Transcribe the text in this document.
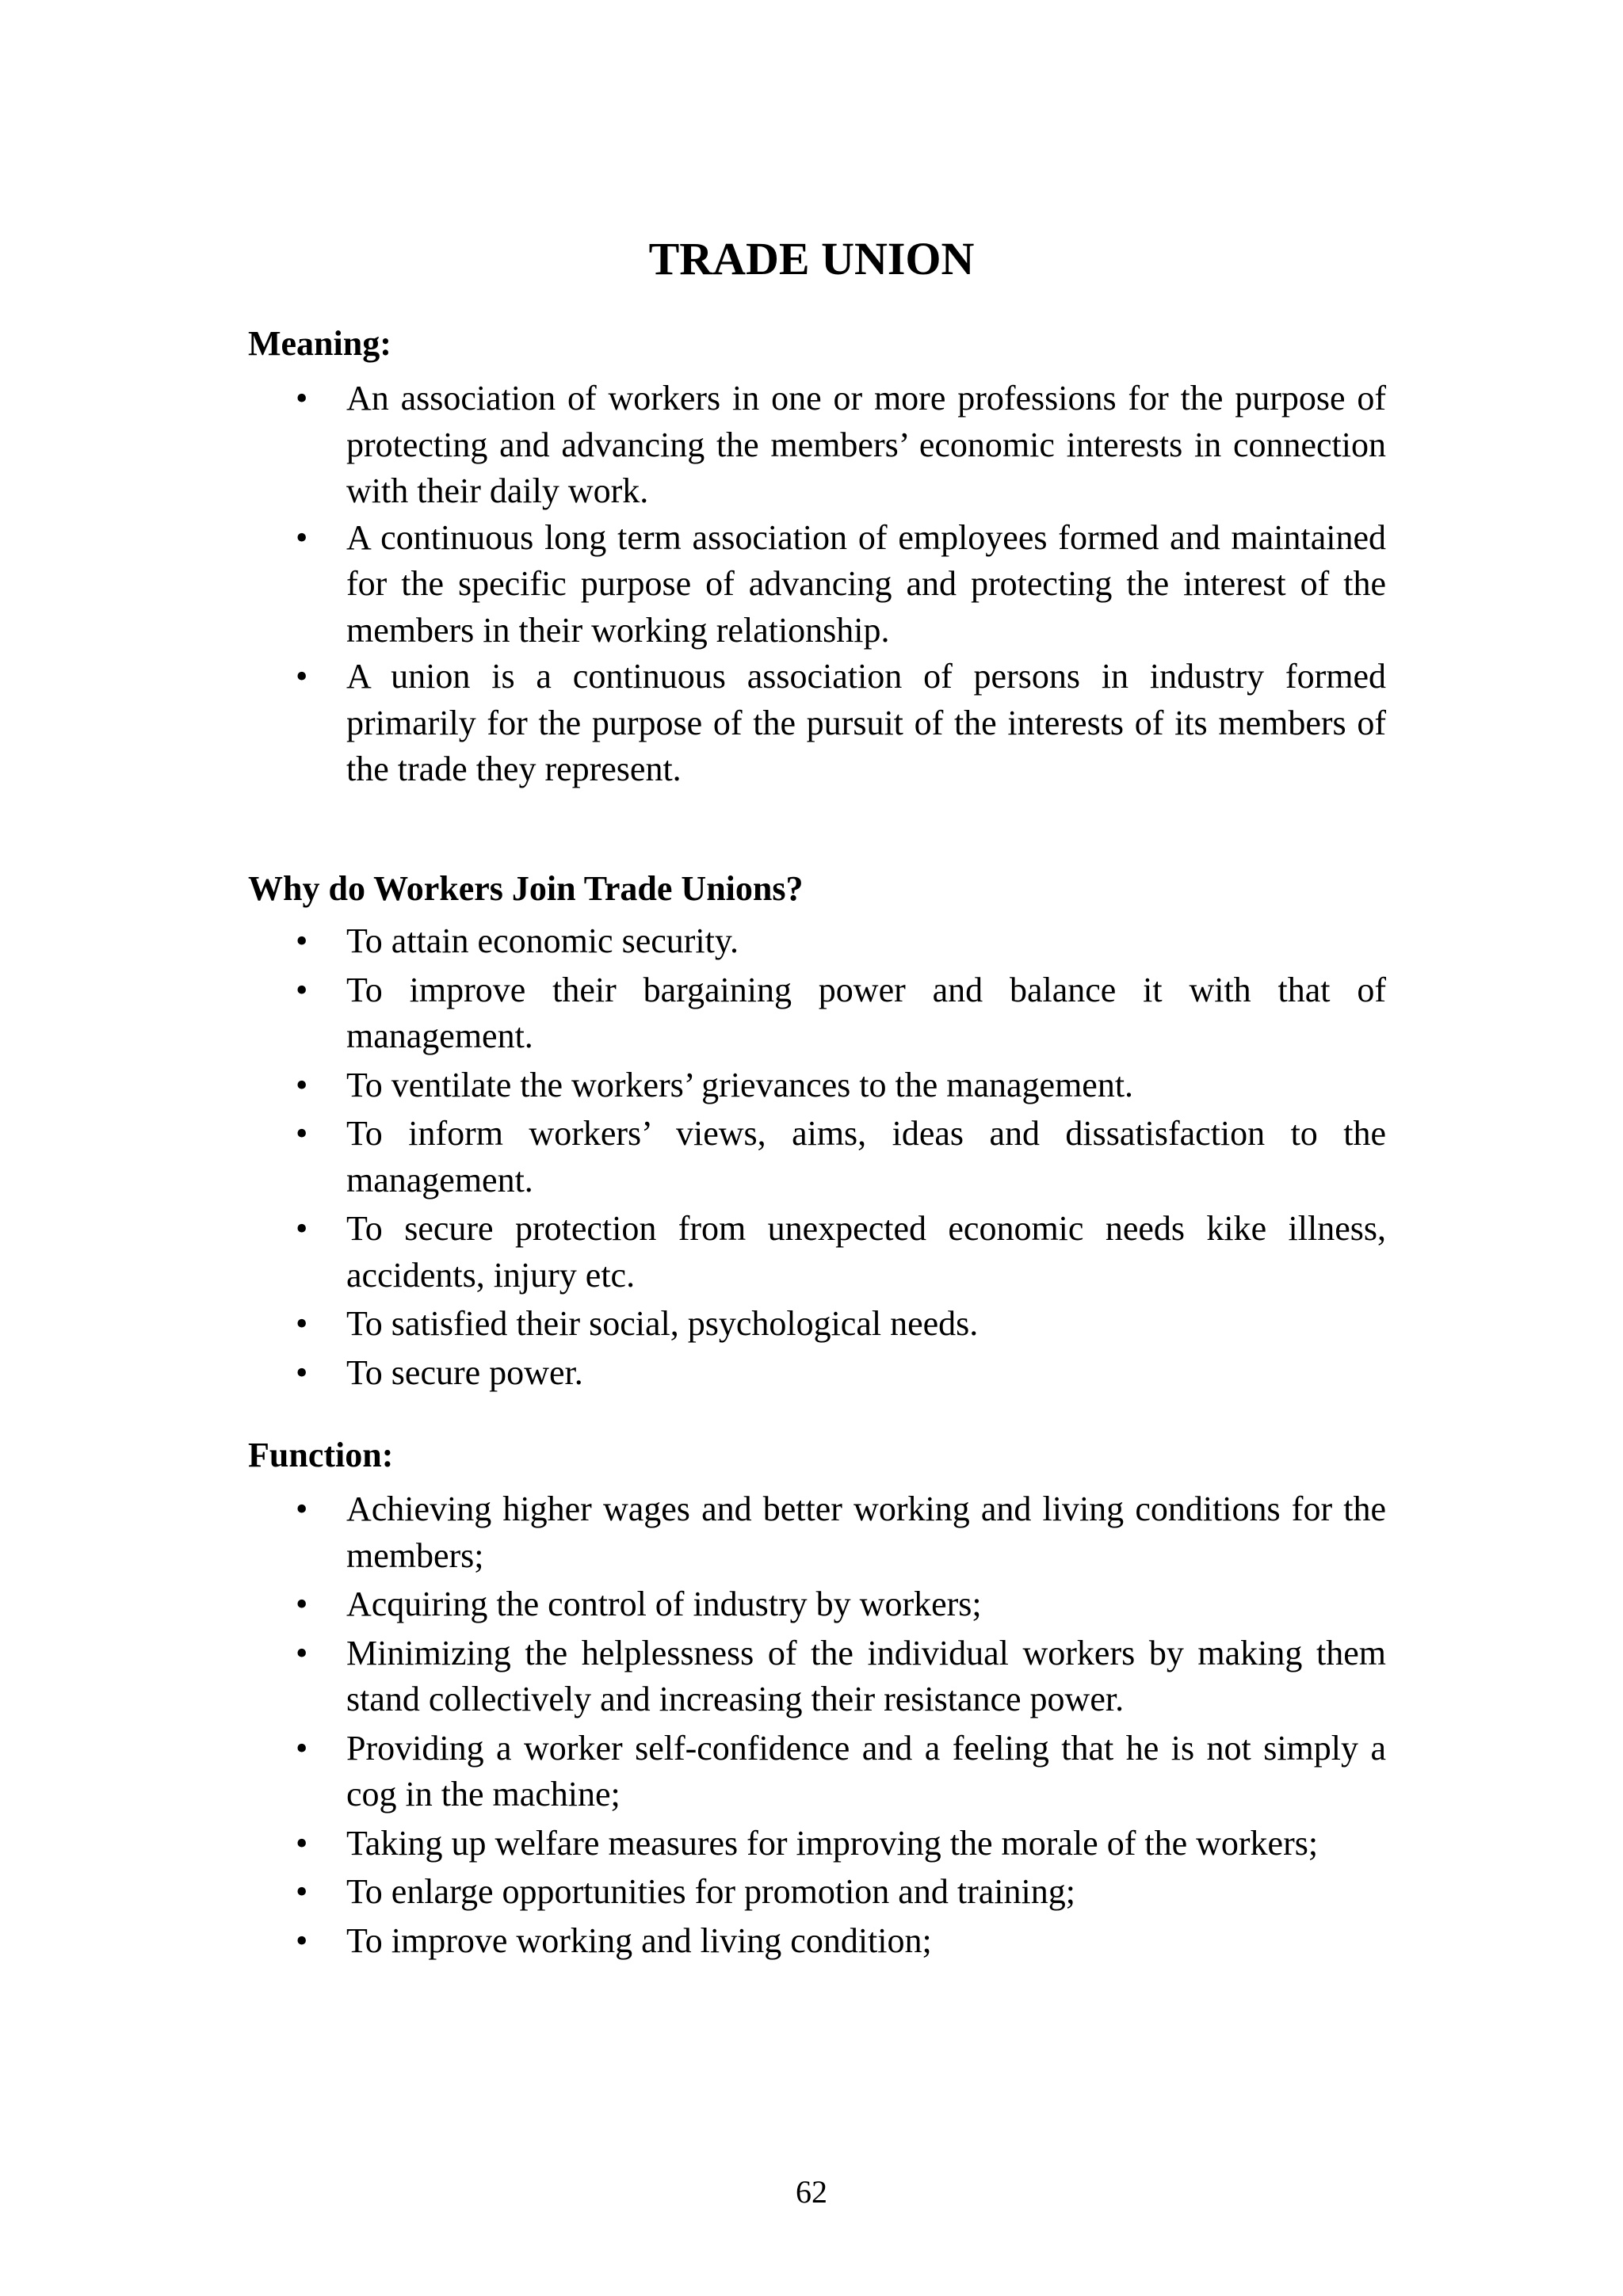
TRADE UNION
Meaning:
• An association of workers in one or more professions for the purpose of protecting and advancing the members’ economic interests in connection with their daily work.
• A continuous long term association of employees formed and maintained for the specific purpose of advancing and protecting the interest of the members in their working relationship.
• A union is a continuous association of persons in industry formed primarily for the purpose of the pursuit of the interests of its members of the trade they represent.
Why do Workers Join Trade Unions?
• To attain economic security.
• To improve their bargaining power and balance it with that of management.
• To ventilate the workers’ grievances to the management.
• To inform workers’ views, aims, ideas and dissatisfaction to the management.
• To secure protection from unexpected economic needs kike illness, accidents, injury etc.
• To satisfied their social, psychological needs.
• To secure power.
Function:
• Achieving higher wages and better working and living conditions for the members;
• Acquiring the control of industry by workers;
• Minimizing the helplessness of the individual workers by making them stand collectively and increasing their resistance power.
• Providing a worker self-confidence and a feeling that he is not simply a cog in the machine;
• Taking up welfare measures for improving the morale of the workers;
• To enlarge opportunities for promotion and training;
• To improve working and living condition;
62
